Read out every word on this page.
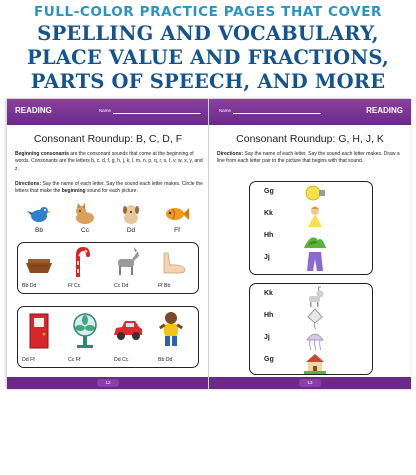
FULL-COLOR PRACTICE PAGES THAT COVER
SPELLING AND VOCABULARY,
PLACE VALUE AND FRACTIONS,
PARTS OF SPEECH, AND MORE
READING	Name
Consonant Roundup: B, C, D, F
Beginning consonants are the consonant sounds that come at the beginning of words. Consonants are the letters b, c, d, f, g, h, j, k, l, m, n, p, q, r, s, t, v, w, x, y, and z.
Directions: Say the name of each letter. Say the sound each letter makes. Circle the letters that make the beginning sound for each picture.
Bb	Cc	Dd	Ff
Bb Dd	Ff Cc	Cc Dd	Ff Bb
Dd Ff	Cc Ff	Dd Cc	Bb Dd
12
Name	READING
Consonant Roundup: G, H, J, K
Directions: Say the name of each letter. Say the sound each letter makes. Draw a line from each letter pair to the picture that begins with that sound.
Gg
Kk
Hh
Jj
Kk
Hh
Jj
Gg
13
